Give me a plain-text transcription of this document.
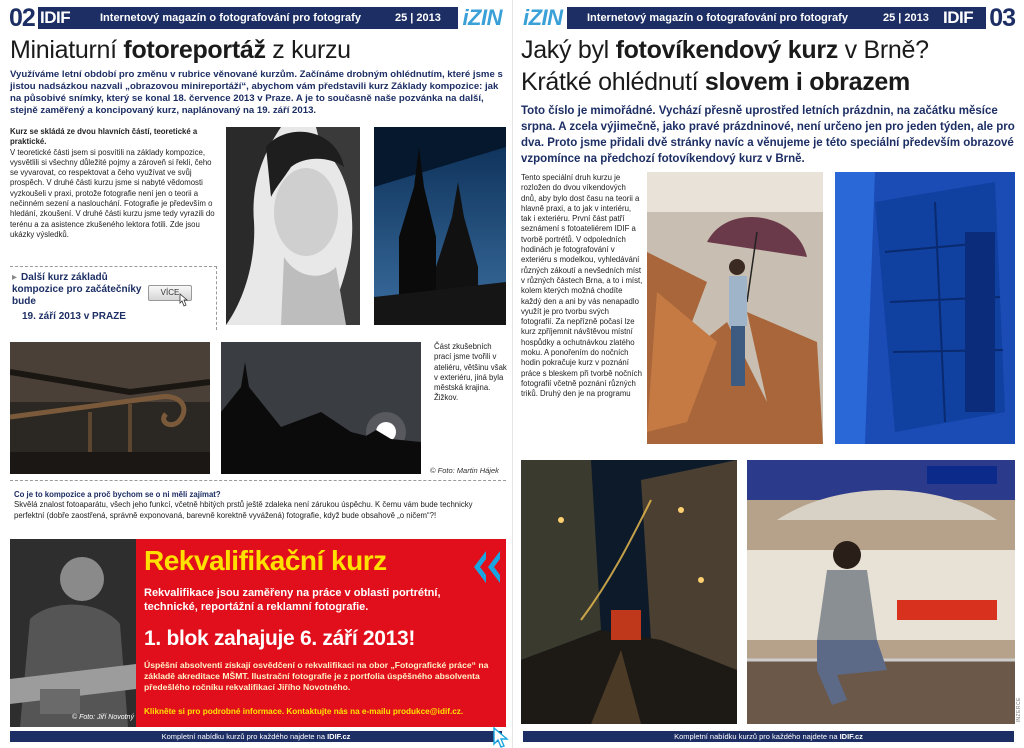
02 IDIF	Internetový magazín o fotografování pro fotografy	25 | 2013 iZIN
Miniaturní fotoreportáž z kurzu
Využíváme letní období pro změnu v rubrice věnované kurzům. Začínáme drobným ohlédnutím, které jsme s jistou nadsázkou nazvali „obrazovou minireportáží“, abychom vám představili kurz Základy kompozice: jak na působivé snímky, který se konal 18. července 2013 v Praze. A je to současně naše pozvánka na další, stejně zaměřený a koncipovaný kurz, naplánovaný na 19. září 2013.
Kurz se skládá ze dvou hlavních částí, teoretické a praktické.
V teoretické části jsem si posvítili na základy kompozice, vysvětlili si všechny důležité pojmy a zároveň si řekli, čeho se vyvarovat, co respektovat a čeho využívat ve svůj prospěch. V druhé části kurzu jsme si nabyté vědomosti vyzkoušeli v praxi, protože fotografie není jen o teorii a nečinném sezení a naslouchání. Fotografie je především o hledání, zkoušení. V druhé části kurzu jsme tedy vyrazili do terénu a za asistence zkušeného lektora fotili. Zde jsou ukázky výsledků.
▸ Další kurz základů kompozice pro začátečníky bude
19. září 2013 v PRAZE
VÍCE
Část zkušebních prací jsme tvořili v ateliéru, většinu však v exteriéru, jiná byla městská krajina. Žižkov.
© Foto: Martin Hájek
Co je to kompozice a proč bychom se o ni měli zajímat?
Skvělá znalost fotoaparátu, všech jeho funkcí, včetně hbitých prstů ještě zdaleka není zárukou úspěchu. K čemu vám bude technicky perfektní (dobře zaostřená, správně exponovaná, barevně korektně vyvážená) fotografie, když bude obsahově „o ničem“?!
Rekvalifikační kurz
Rekvalifikace jsou zaměřeny na práce v oblasti portrétní, technické, reportážní a reklamní fotografie.
1. blok zahajuje 6. září 2013!
Úspěšní absolventi získají osvědčení o rekvalifikaci na obor „Fotografické práce“ na základě akreditace MŠMT. Ilustrační fotografie je z portfolia úspěšného absolventa předešlého ročníku rekvalifikací Jiřího Novotného.
Klikněte si pro podrobné informace. Kontaktujte nás na e-mailu produkce@idif.cz.
© Foto: Jiří Novotný
Kompletní nabídku kurzů pro každého najdete na IDIF.cz
iZIN	Internetový magazín o fotografování pro fotografy	25 | 2013 IDIF 03
Jaký byl fotovíkendový kurz v Brně?
Krátké ohlédnutí slovem i obrazem
Toto číslo je mimořádné. Vychází přesně uprostřed letních prázdnin, na začátku měsíce srpna. A zcela výjimečně, jako pravé prázdninové, není určeno jen pro jeden týden, ale pro dva. Proto jsme přidali dvě stránky navíc a věnujeme je této speciální především obrazové vzpomínce na předchozí fotovíkendový kurz v Brně.
Tento speciální druh kurzu je rozložen do dvou víkendových dnů, aby bylo dost času na teorii a hlavně praxi, a to jak v interiéru, tak i exteriéru. První část patří seznámení s fotoateliérem IDIF a tvorbě portrétů. V odpoledních hodinách je fotografování v exteriéru s modelkou, vyhledávání různých zákoutí a nevšedních míst v různých částech Brna, a to i míst, kolem kterých možná chodíte každý den a ani by vás nenapadlo využít je pro tvorbu svých fotografií. Za nepřízně počasí lze kurz zpříjemnit návštěvou místní hospůdky a ochutnávkou zlatého moku. A ponořením do nočních hodin pokračuje kurz v poznání práce s bleskem při tvorbě nočních fotografií včetně poznání různých triků. Druhý den je na programu
Kompletní nabídku kurzů pro každého najdete na IDIF.cz
INZERCE
